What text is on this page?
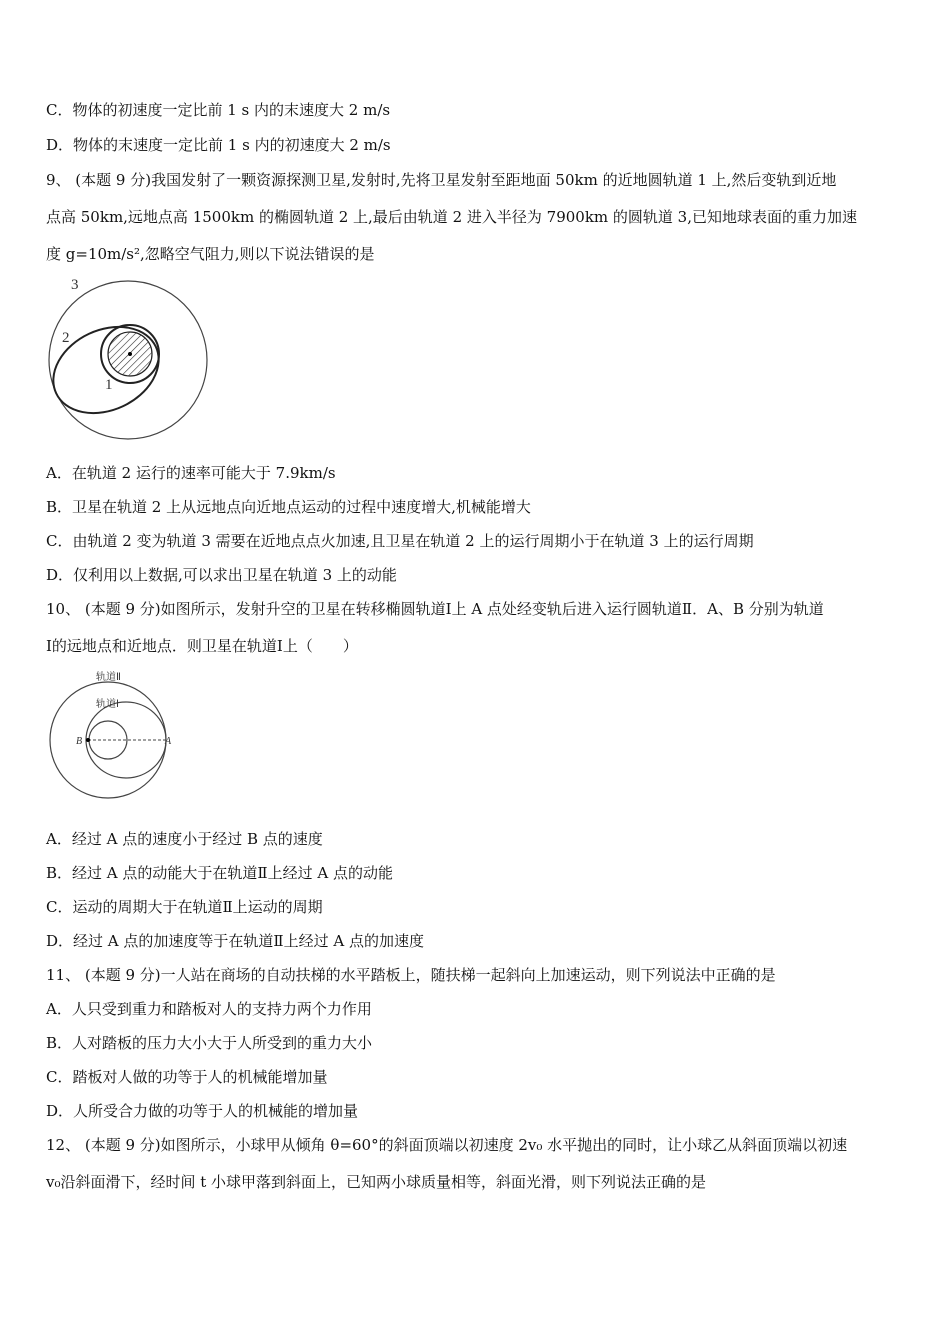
C．物体的初速度一定比前 1 s 内的末速度大 2 m/s
D．物体的末速度一定比前 1 s 内的初速度大 2 m/s
9、 (本题 9 分)我国发射了一颗资源探测卫星,发射时,先将卫星发射至距地面 50km 的近地圆轨道 1 上,然后变轨到近地
点高 50km,远地点高 1500km 的椭圆轨道 2 上,最后由轨道 2 进入半径为 7900km 的圆轨道 3,已知地球表面的重力加速
度 g=10m/s²,忽略空气阻力,则以下说法错误的是
3
2
1
A．在轨道 2 运行的速率可能大于 7.9km/s
B．卫星在轨道 2 上从远地点向近地点运动的过程中速度增大,机械能增大
C．由轨道 2 变为轨道 3 需要在近地点点火加速,且卫星在轨道 2 上的运行周期小于在轨道 3 上的运行周期
D．仅利用以上数据,可以求出卫星在轨道 3 上的动能
10、 (本题 9 分)如图所示，发射升空的卫星在转移椭圆轨道Ⅰ上 A 点处经变轨后进入运行圆轨道Ⅱ．A、B 分别为轨道
Ⅰ的远地点和近地点．则卫星在轨道Ⅰ上（　　）
轨道Ⅱ
轨道Ⅰ
B	A
A．经过 A 点的速度小于经过 B 点的速度
B．经过 A 点的动能大于在轨道Ⅱ上经过 A 点的动能
C．运动的周期大于在轨道Ⅱ上运动的周期
D．经过 A 点的加速度等于在轨道Ⅱ上经过 A 点的加速度
11、 (本题 9 分)一人站在商场的自动扶梯的水平踏板上，随扶梯一起斜向上加速运动，则下列说法中正确的是
A．人只受到重力和踏板对人的支持力两个力作用
B．人对踏板的压力大小大于人所受到的重力大小
C．踏板对人做的功等于人的机械能增加量
D．人所受合力做的功等于人的机械能的增加量
12、 (本题 9 分)如图所示，小球甲从倾角 θ=60°的斜面顶端以初速度 2v₀ 水平抛出的同时，让小球乙从斜面顶端以初速
v₀沿斜面滑下，经时间 t 小球甲落到斜面上，已知两小球质量相等，斜面光滑，则下列说法正确的是
